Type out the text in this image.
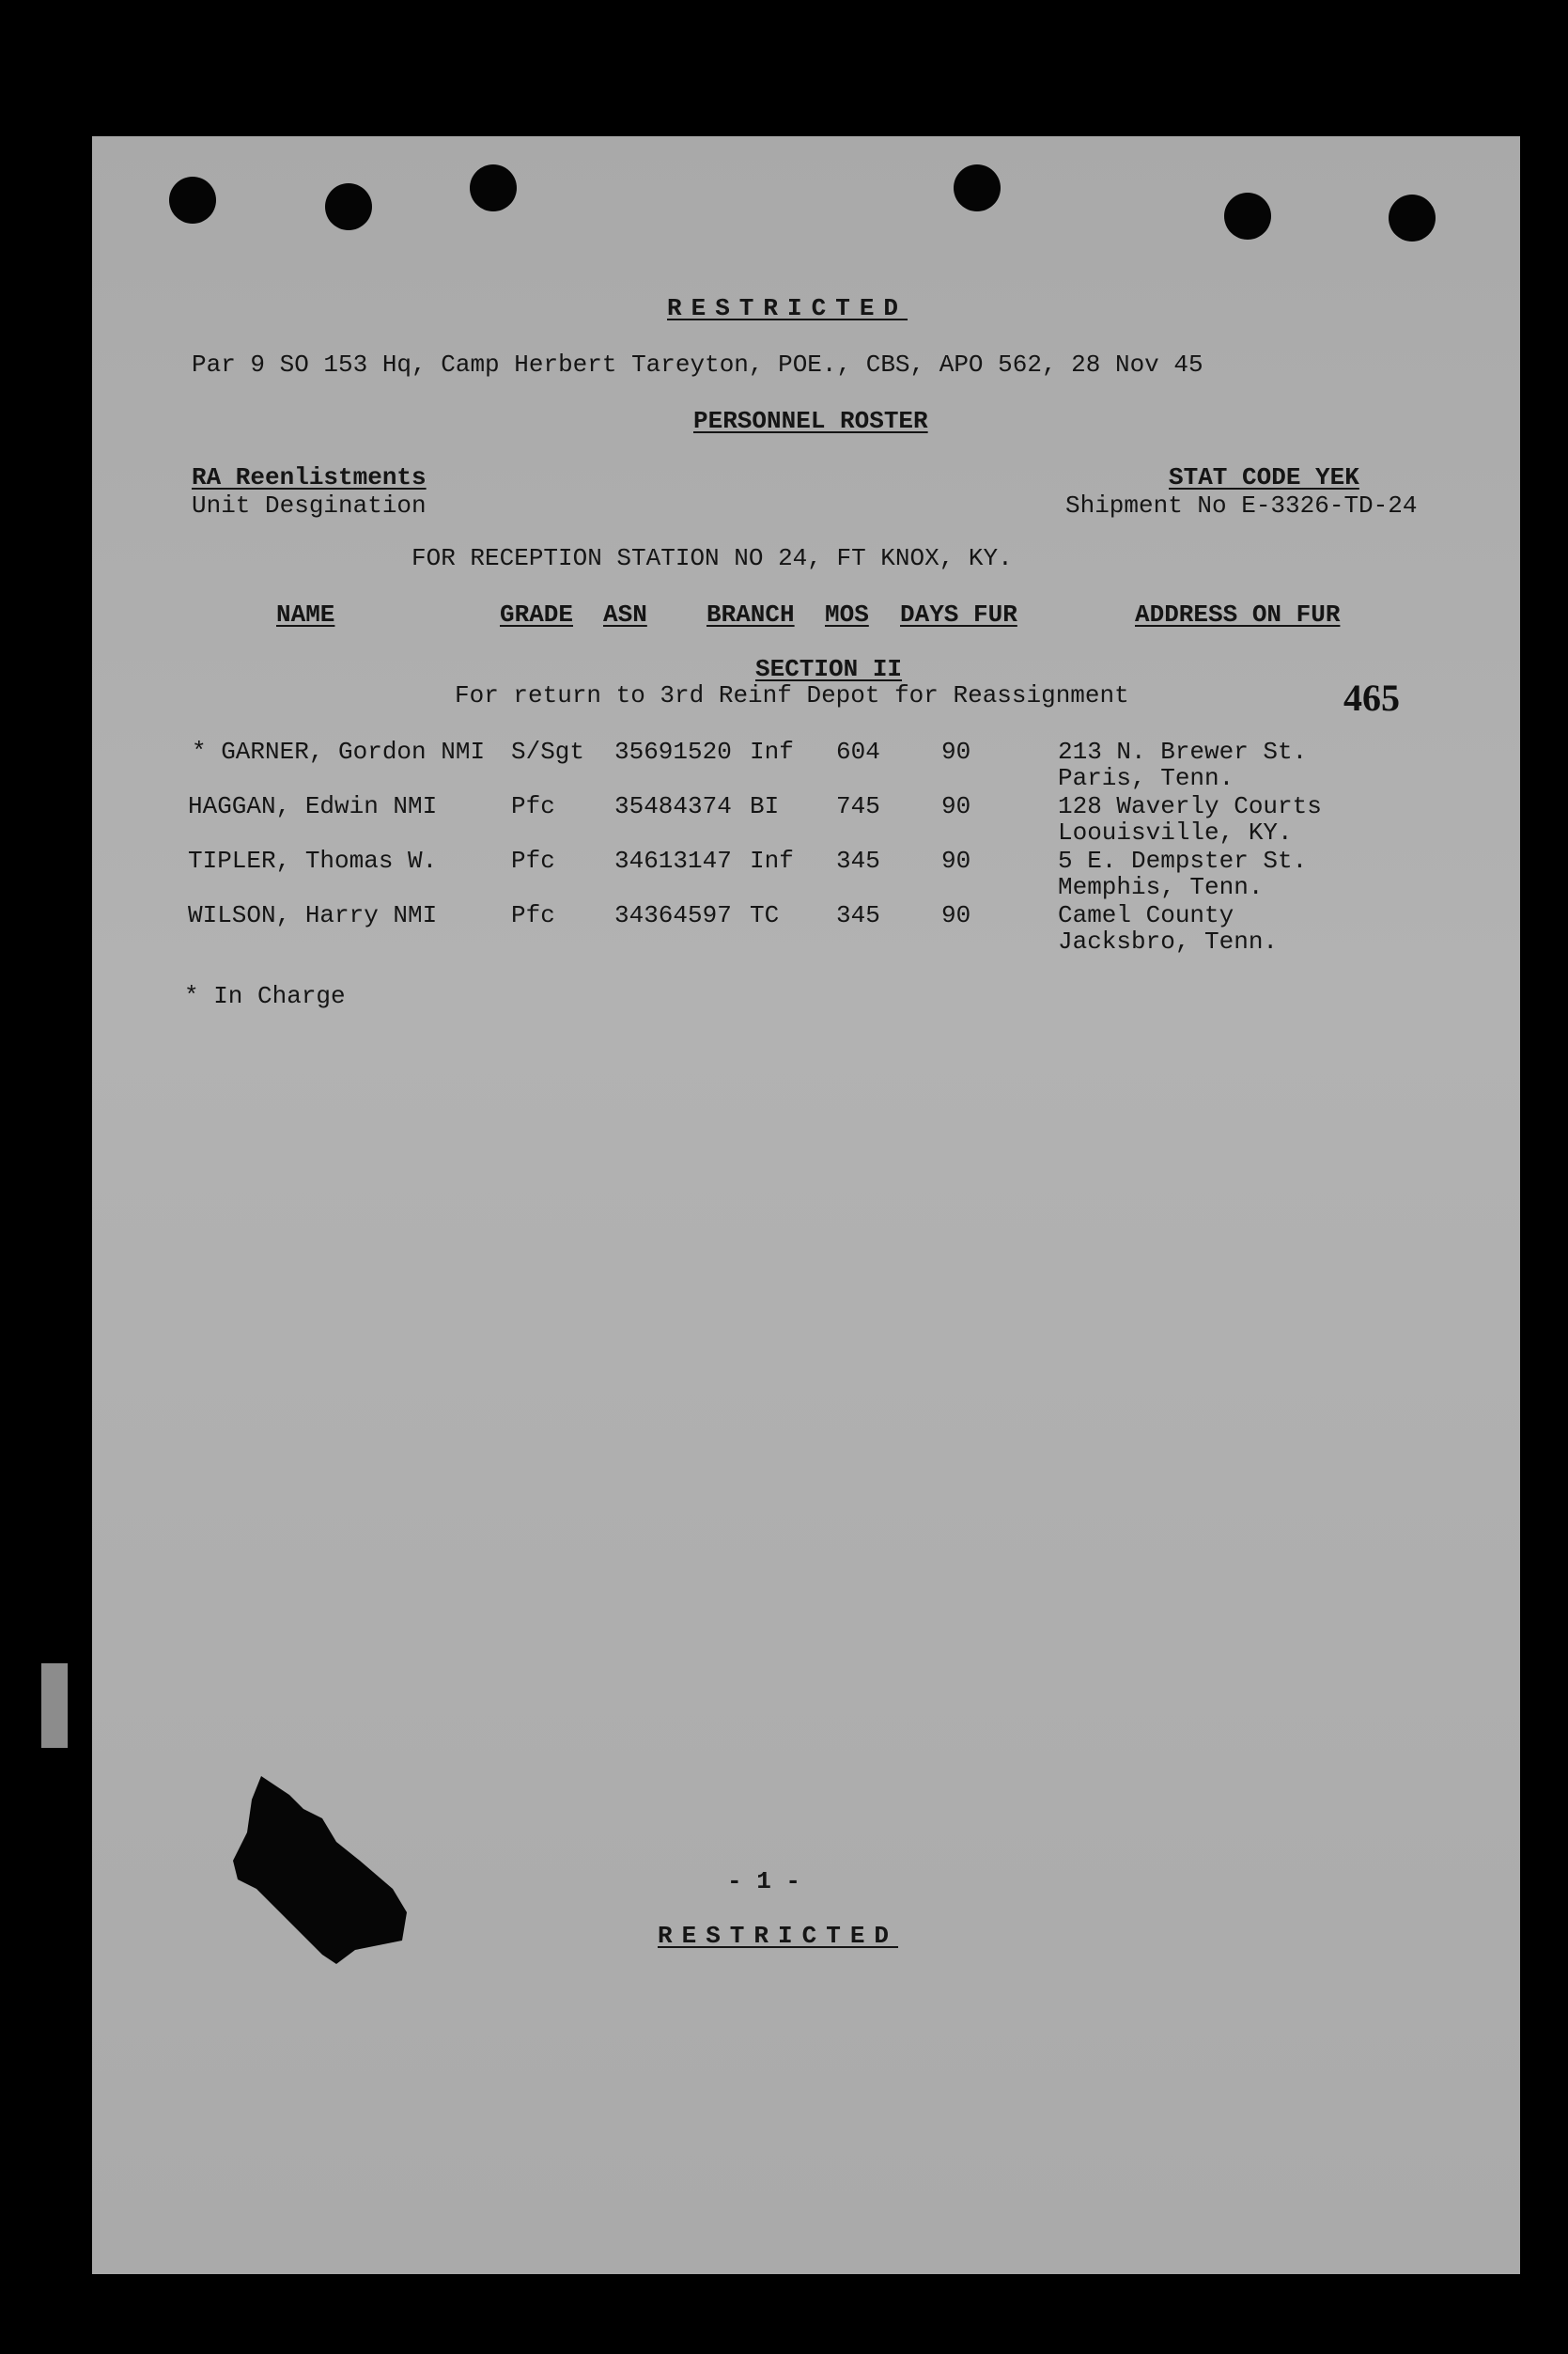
RESTRICTED
Par 9 SO 153 Hq, Camp Herbert Tareyton, POE., CBS, APO 562, 28 Nov 45
PERSONNEL ROSTER
RA Reenlistments
Unit Desgination
STAT CODE YEK
Shipment No E-3326-TD-24
FOR RECEPTION STATION NO 24, FT KNOX, KY.
NAME	GRADE ASN BRANCH MOS DAYS FUR	ADDRESS ON FUR
SECTION II
For return to 3rd Reinf Depot for Reassignment	465
* GARNER, Gordon NMI S/Sgt 35691520 Inf 604	90	213 N. Brewer St.
Paris, Tenn.
HAGGAN, Edwin NMI	Pfc 35484374 BI 745	90	128 Waverly Courts
Loouisville, KY.
TIPLER, Thomas W.	Pfc 34613147 Inf 345	90	5 E. Dempster St.
Memphis, Tenn.
WILSON, Harry NMI	Pfc 34364597 TC 345	90	Camel County
Jacksbro, Tenn.
* In Charge
- 1 -
RESTRICTED
